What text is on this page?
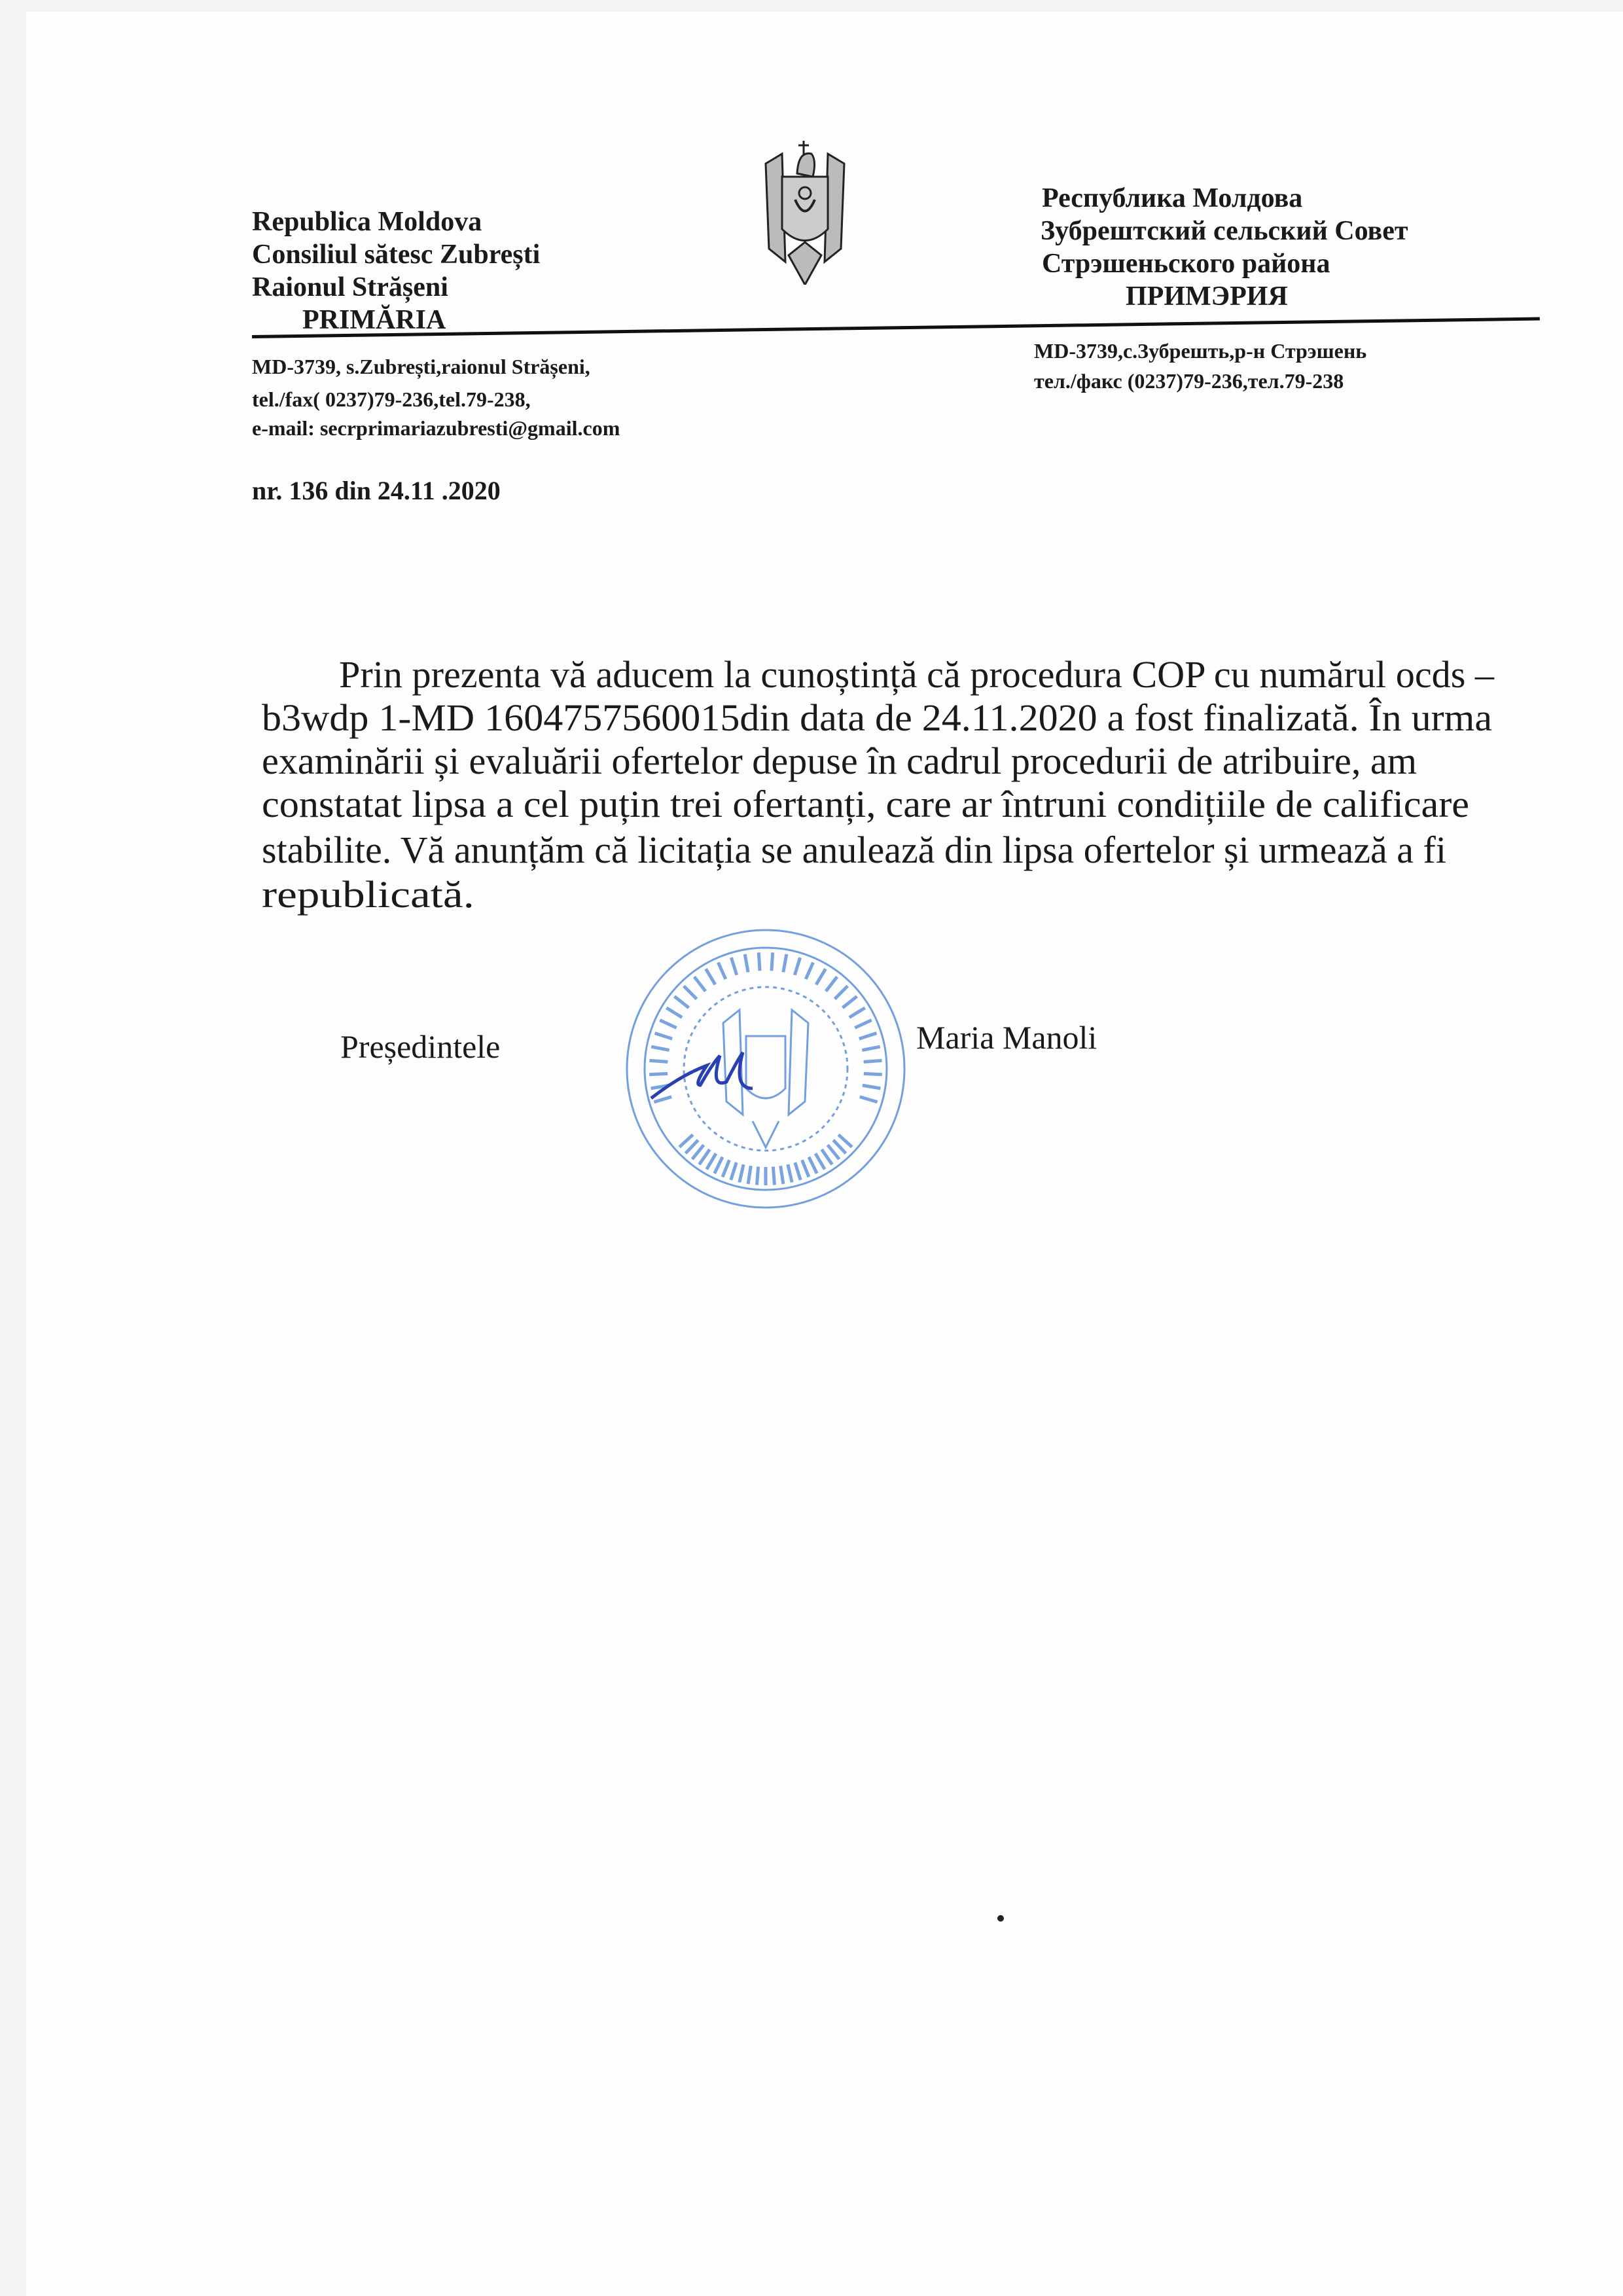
Republica Moldova
Consiliul sătesc Zubrești
Raionul Strășeni
PRIMĂRIA
Республика Молдова
Зубрештский сельский Совет
Стрэшеньского района
ПРИМЭРИЯ
MD-3739, s.Zubrești,raionul Strășeni,
tel./fax( 0237)79-236,tel.79-238,
e-mail: secrprimariazubresti@gmail.com
MD-3739,с.Зубрешть,р-н Стрэшень
тел./факс (0237)79-236,тел.79-238
nr. 136 din 24.11 .2020
Prin prezenta vă aducem la cunoștință că procedura COP cu numărul ocds –
b3wdp 1-MD 1604757560015din data de 24.11.2020 a fost finalizată. În urma
examinării și evaluării ofertelor depuse în cadrul procedurii de atribuire, am
constatat lipsa a cel puțin trei ofertanți, care ar întruni condițiile de calificare
stabilite. Vă anunțăm că licitația se anulează din lipsa ofertelor și urmează a fi
republicată.
Președintele	Maria Manoli
